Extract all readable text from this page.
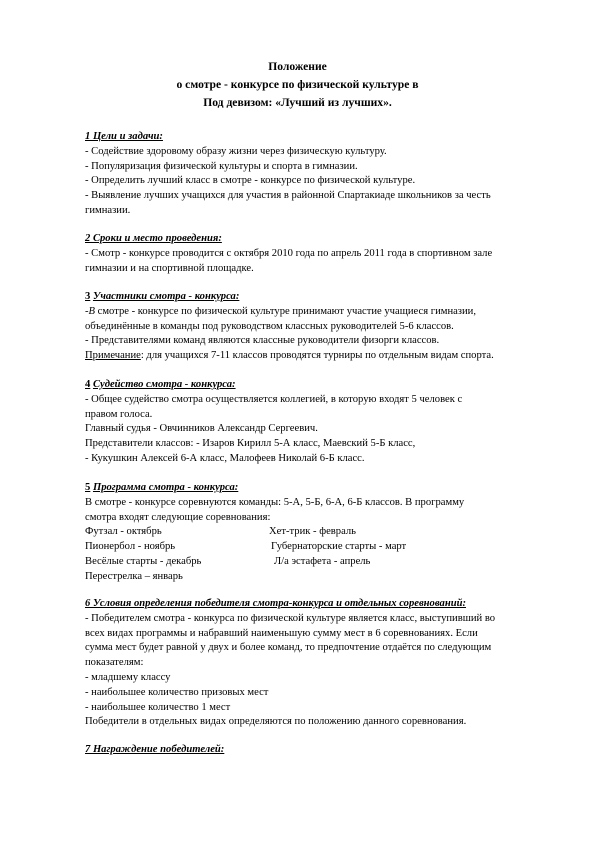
Положение
о смотре - конкурсе по физической культуре в
Под девизом: «Лучший из лучших».
1 Цели и задачи:
- Содействие здоровому образу жизни через физическую культуру.
- Популяризация физической культуры и спорта в гимназии.
- Определить лучший класс в смотре - конкурсе по физической культуре.
- Выявление лучших учащихся для участия в районной Спартакиаде школьников за честь
гимназии.
2 Сроки и место проведения:
- Смотр - конкурсе проводится с октября 2010 года по апрель 2011 года в спортивном зале
гимназии и на спортивной площадке.
3 Участники смотра - конкурса:
-В смотре - конкурсе по физической культуре принимают участие учащиеся гимназии,
объединённые в команды под руководством классных руководителей 5-6 классов.
- Представителями команд являются классные руководители физорги классов.
Примечание: для учащихся 7-11 классов проводятся турниры по отдельным видам спорта.
4 Судейство смотра - конкурса:
- Общее судейство смотра осуществляется коллегией, в которую входят 5 человек с
правом голоса.
Главный судья - Овчинников Александр Сергеевич.
Представители классов: - Изаров Кирилл 5-А класс, Маевский 5-Б класс,
- Кукушкин Алексей 6-А класс, Малофеев Николай 6-Б класс.
5 Программа смотра - конкурса:
В смотре - конкурсе соревнуются команды: 5-А, 5-Б, 6-А, 6-Б классов. В программу
смотра входят следующие соревнования:
Футзал - октябрь	Хет-трик - февраль
Пионербол - ноябрь	Губернаторские старты - март
Весёлые старты - декабрь	Л/а эстафета - апрель
Перестрелка – январь
6 Условия определения победителя смотра-конкурса и отдельных соревнований:
- Победителем смотра - конкурса по физической культуре является класс, выступивший во
всех видах программы и набравший наименьшую сумму мест в 6 соревнованиях. Если
сумма мест будет равной у двух и более команд, то предпочтение отдаётся по следующим
показателям:
- младшему классу
- наибольшее количество призовых мест
- наибольшее количество 1 мест
Победители в отдельных видах определяются по положению данного соревнования.
7 Награждение победителей:
